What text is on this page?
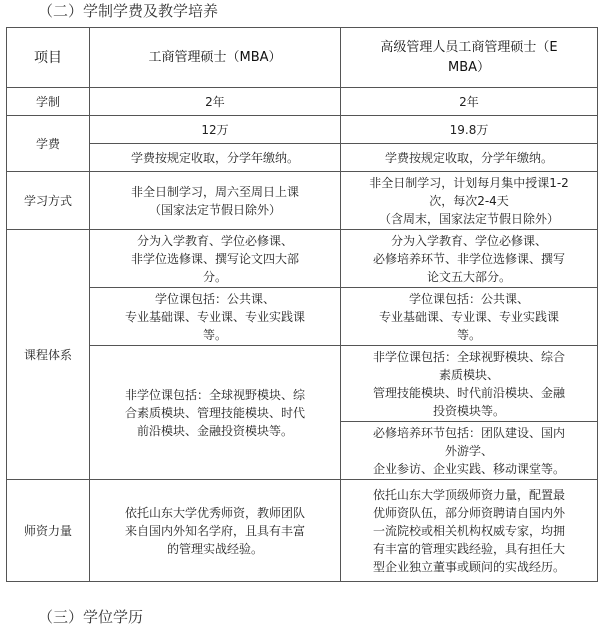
（二）学制学费及教学培养
项目	工商管理硕士（MBA）	高级管理人员工商管理硕士（E
MBA）

学制	2年	2年
学费	12万	19.8万
	学费按规定收取，分学年缴纳。	学费按规定收取，分学年缴纳。
学习方式	非全日制学习，周六至周日上课
（国家法定节假日除外）	非全日制学习，计划每月集中授课1-2
次，每次2-4天
（含周末，国家法定节假日除外）

课程体系	分为入学教育、学位必修课、
非学位选修课、撰写论文四大部
分。	分为入学教育、学位必修课、
必修培养环节、非学位选修课、撰写
论文五大部分。

	学位课包括：公共课、
专业基础课、专业课、专业实践课
等。	学位课包括：公共课、
专业基础课、专业课、专业实践课
等。

	非学位课包括：全球视野模块、综
合素质模块、管理技能模块、时代
前沿模块、金融投资模块等。	非学位课包括：全球视野模块、综合
素质模块、
管理技能模块、时代前沿模块、金融
投资模块等。

		必修培养环节包括：团队建设、国内
外游学、
企业参访、企业实践、移动课堂等。

师资力量	依托山东大学优秀师资，教师团队
来自国内外知名学府，且具有丰富
的管理实战经验。	依托山东大学顶级师资力量，配置最
优师资队伍，部分师资聘请自国内外
一流院校或相关机构权威专家，均拥
有丰富的管理实践经验，具有担任大
型企业独立董事或顾问的实战经历。
（三）学位学历
